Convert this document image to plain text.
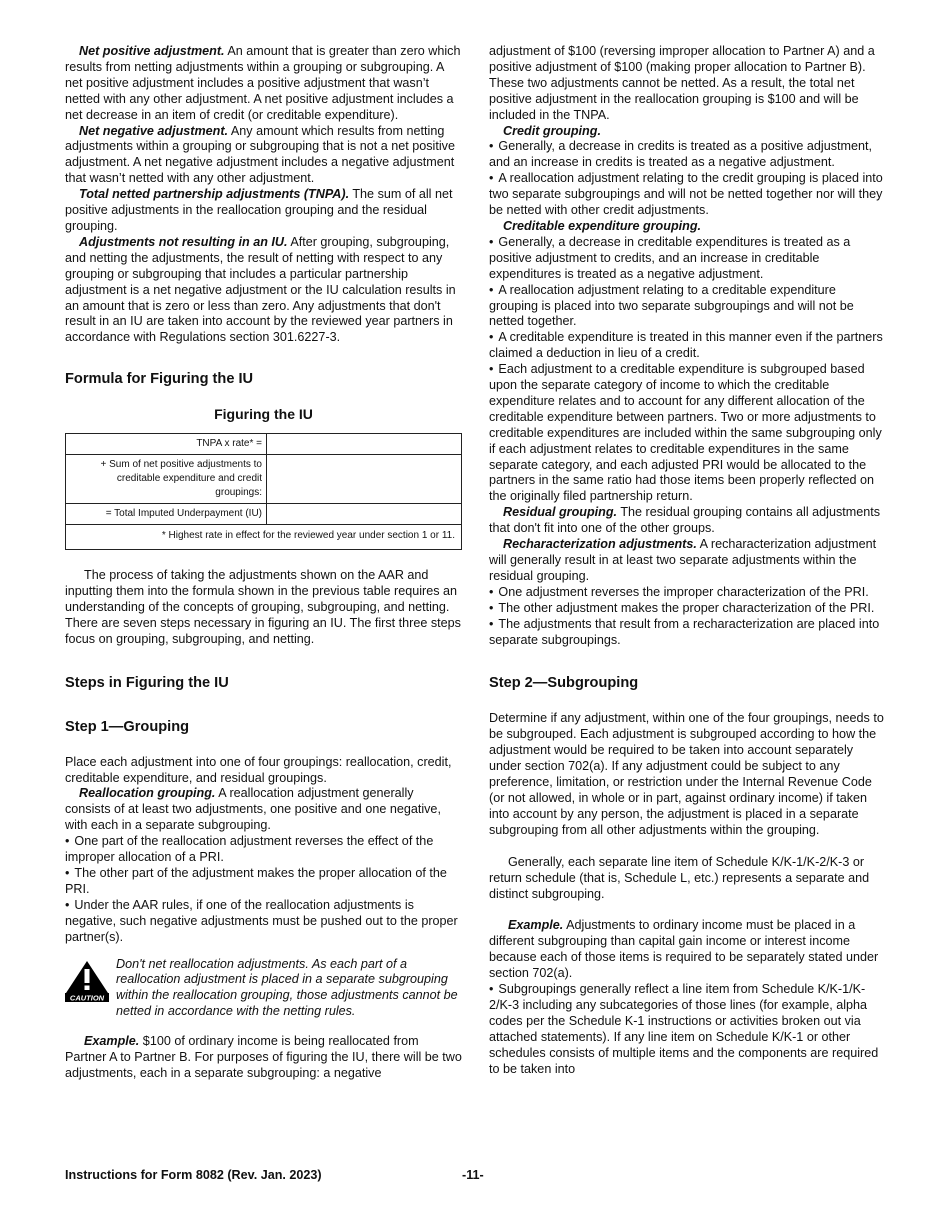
Net positive adjustment. An amount that is greater than zero which results from netting adjustments within a grouping or subgrouping. A net positive adjustment includes a positive adjustment that wasn’t netted with any other adjustment. A net positive adjustment includes a net decrease in an item of credit (or creditable expenditure).

Net negative adjustment. Any amount which results from netting adjustments within a grouping or subgrouping that is not a net positive adjustment. A net negative adjustment includes a negative adjustment that wasn’t netted with any other adjustment.

Total netted partnership adjustments (TNPA). The sum of all net positive adjustments in the reallocation grouping and the residual grouping.

Adjustments not resulting in an IU. After grouping, subgrouping, and netting the adjustments, the result of netting with respect to any grouping or subgrouping that includes a particular partnership adjustment is a net negative adjustment or the IU calculation results in an amount that is zero or less than zero. Any adjustments that don't result in an IU are taken into account by the reviewed year partners in accordance with Regulations section 301.6227-3.

Formula for Figuring the IU
Figuring the IU
TNPA x rate* =	
+ Sum of net positive adjustments to creditable expenditure and credit groupings:	
= Total Imputed Underpayment (IU)	
* Highest rate in effect for the reviewed year under section 1 or 11.	

The process of taking the adjustments shown on the AAR and inputting them into the formula shown in the previous table requires an understanding of the concepts of grouping, subgrouping, and netting. There are seven steps necessary in figuring an IU. The first three steps focus on grouping, subgrouping, and netting.

Steps in Figuring the IU
Step 1—Grouping

Place each adjustment into one of four groupings: reallocation, credit, creditable expenditure, and residual groupings.

Reallocation grouping. A reallocation adjustment generally consists of at least two adjustments, one positive and one negative, with each in a separate subgrouping.

• One part of the reallocation adjustment reverses the effect of the improper allocation of a PRI.

• The other part of the adjustment makes the proper allocation of the PRI.

• Under the AAR rules, if one of the reallocation adjustments is negative, such negative adjustments must be pushed out to the proper partner(s).

CAUTION
Don't net reallocation adjustments. As each part of a reallocation adjustment is placed in a separate subgrouping within the reallocation grouping, those adjustments cannot be netted in accordance with the netting rules.

Example. $100 of ordinary income is being reallocated from Partner A to Partner B. For purposes of figuring the IU, there will be two adjustments, each in a separate subgrouping: a negative

adjustment of $100 (reversing improper allocation to Partner A) and a positive adjustment of $100 (making proper allocation to Partner B). These two adjustments cannot be netted. As a result, the total net positive adjustment in the reallocation grouping is $100 and will be included in the TNPA.

Credit grouping.

• Generally, a decrease in credits is treated as a positive adjustment, and an increase in credits is treated as a negative adjustment.

• A reallocation adjustment relating to the credit grouping is placed into two separate subgroupings and will not be netted together nor will they be netted with other credit adjustments.

Creditable expenditure grouping.

• Generally, a decrease in creditable expenditures is treated as a positive adjustment to credits, and an increase in creditable expenditures is treated as a negative adjustment.

• A reallocation adjustment relating to a creditable expenditure grouping is placed into two separate subgroupings and will not be netted together.

• A creditable expenditure is treated in this manner even if the partners claimed a deduction in lieu of a credit.

• Each adjustment to a creditable expenditure is subgrouped based upon the separate category of income to which the creditable expenditure relates and to account for any different allocation of the creditable expenditure between partners. Two or more adjustments to creditable expenditures are included within the same subgrouping only if each adjustment relates to creditable expenditures in the same separate category, and each adjusted PRI would be allocated to the partners in the same ratio had those items been properly reflected on the originally filed partnership return.

Residual grouping. The residual grouping contains all adjustments that don't fit into one of the other groups.

Recharacterization adjustments. A recharacterization adjustment will generally result in at least two separate adjustments within the residual grouping.

• One adjustment reverses the improper characterization of the PRI.

• The other adjustment makes the proper characterization of the PRI.

• The adjustments that result from a recharacterization are placed into separate subgroupings.

Step 2—Subgrouping

Determine if any adjustment, within one of the four groupings, needs to be subgrouped. Each adjustment is subgrouped according to how the adjustment would be required to be taken into account separately under section 702(a). If any adjustment could be subject to any preference, limitation, or restriction under the Internal Revenue Code (or not allowed, in whole or in part, against ordinary income) if taken into account by any person, the adjustment is placed in a separate subgrouping from all other adjustments within the grouping.

Generally, each separate line item of Schedule K/K-1/K-2/K-3 or return schedule (that is, Schedule L, etc.) represents a separate and distinct subgrouping.

Example. Adjustments to ordinary income must be placed in a different subgrouping than capital gain income or interest income because each of those items is required to be separately stated under section 702(a).

• Subgroupings generally reflect a line item from Schedule K/K-1/K-2/K-3 including any subcategories of those lines (for example, alpha codes per the Schedule K-1 instructions or activities broken out via attached statements). If any line item on Schedule K/K-1 or other schedules consists of multiple items and the components are required to be taken into

Instructions for Form 8082 (Rev. Jan. 2023)	-11-
